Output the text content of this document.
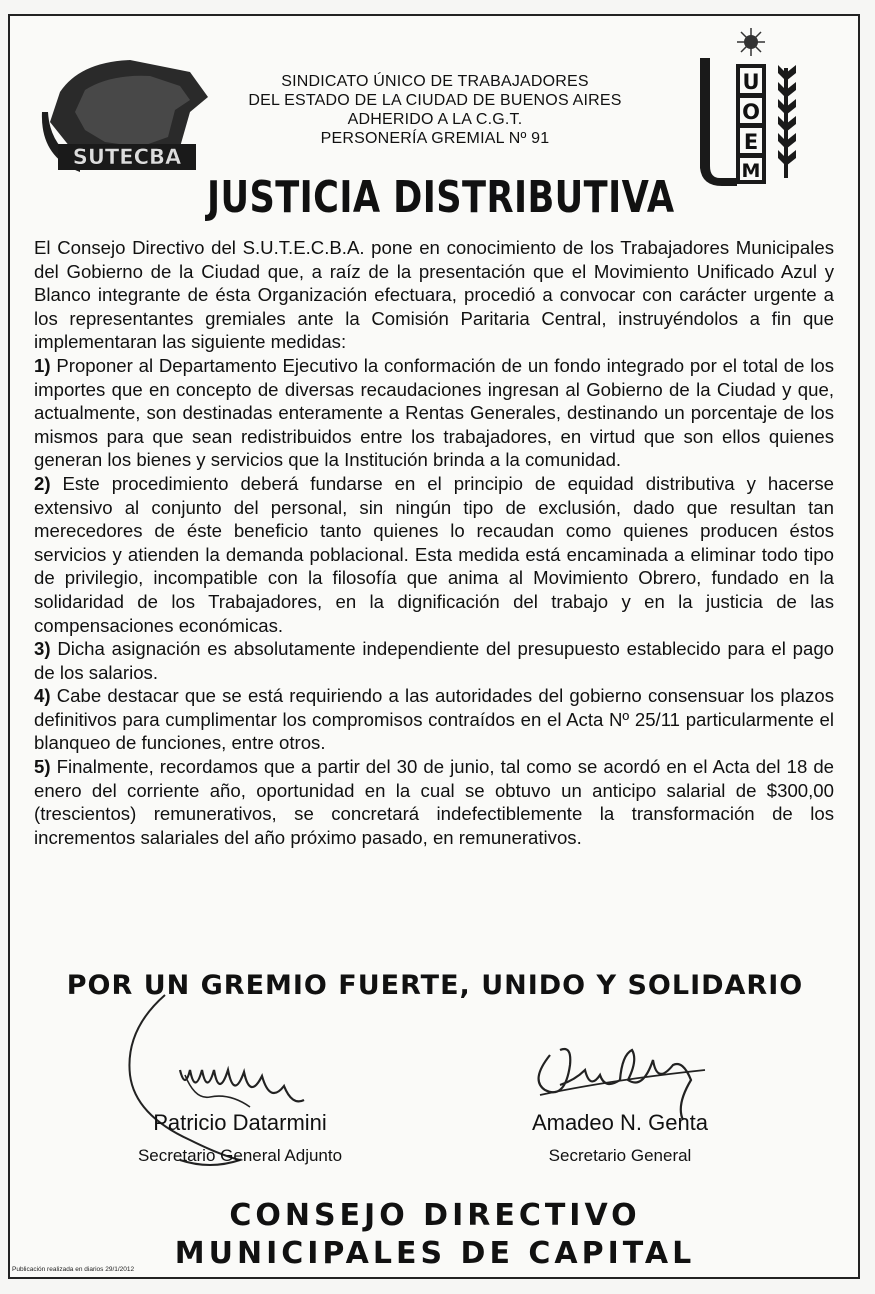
SUTECBA
U
O
E
M
SINDICATO ÚNICO DE TRABAJADORES
DEL ESTADO DE LA CIUDAD DE BUENOS AIRES
ADHERIDO A LA C.G.T.
PERSONERÍA GREMIAL Nº 91
JUSTICIA DISTRIBUTIVA

El Consejo Directivo del S.U.T.E.C.B.A. pone en conocimiento de los Trabajadores Municipales del Gobierno de la Ciudad que, a raíz de la presentación que el Movimiento Unificado Azul y Blanco integrante de ésta Organización efectuara, procedió a convocar con carácter urgente a los representantes gremiales ante la Comisión Paritaria Central, instruyéndolos a fin que implementaran las siguiente medidas:

1) Proponer al Departamento Ejecutivo la conformación de un fondo integrado por el total de los importes que en concepto de diversas recaudaciones ingresan al Gobierno de la Ciudad y que, actualmente, son destinadas enteramente a Rentas Generales, destinando un porcentaje de los mismos para que sean redistribuidos entre los trabajadores, en virtud que son ellos quienes generan los bienes y servicios que la Institución brinda a la comunidad.

2) Este procedimiento deberá fundarse en el principio de equidad distributiva y hacerse extensivo al conjunto del personal, sin ningún tipo de exclusión, dado que resultan tan merecedores de éste beneficio tanto quienes lo recaudan como quienes producen éstos servicios y atienden la demanda poblacional. Esta medida está encaminada a eliminar todo tipo de privilegio, incompatible con la filosofía que anima al Movimiento Obrero, fundado en la solidaridad de los Trabajadores, en la dignificación del trabajo y en la justicia de las compensaciones económicas.

3) Dicha asignación es absolutamente independiente del presupuesto establecido para el pago de los salarios.

4) Cabe destacar que se está requiriendo a las autoridades del gobierno consensuar los plazos definitivos para cumplimentar los compromisos contraídos en el Acta Nº 25/11 particularmente el blanqueo de funciones, entre otros.

5) Finalmente, recordamos que a partir del 30 de junio, tal como se acordó en el Acta del 18 de enero del corriente año, oportunidad en la cual se obtuvo un anticipo salarial de $300,00 (trescientos) remunerativos, se concretará indefectiblemente la transformación de los incrementos salariales del año próximo pasado, en remunerativos.

POR UN GREMIO FUERTE, UNIDO Y SOLIDARIO
Patricio Datarmini
Secretario General Adjunto
Amadeo N. Genta
Secretario General
CONSEJO DIRECTIVO
MUNICIPALES DE CAPITAL
Publicación realizada en diarios 29/1/2012
